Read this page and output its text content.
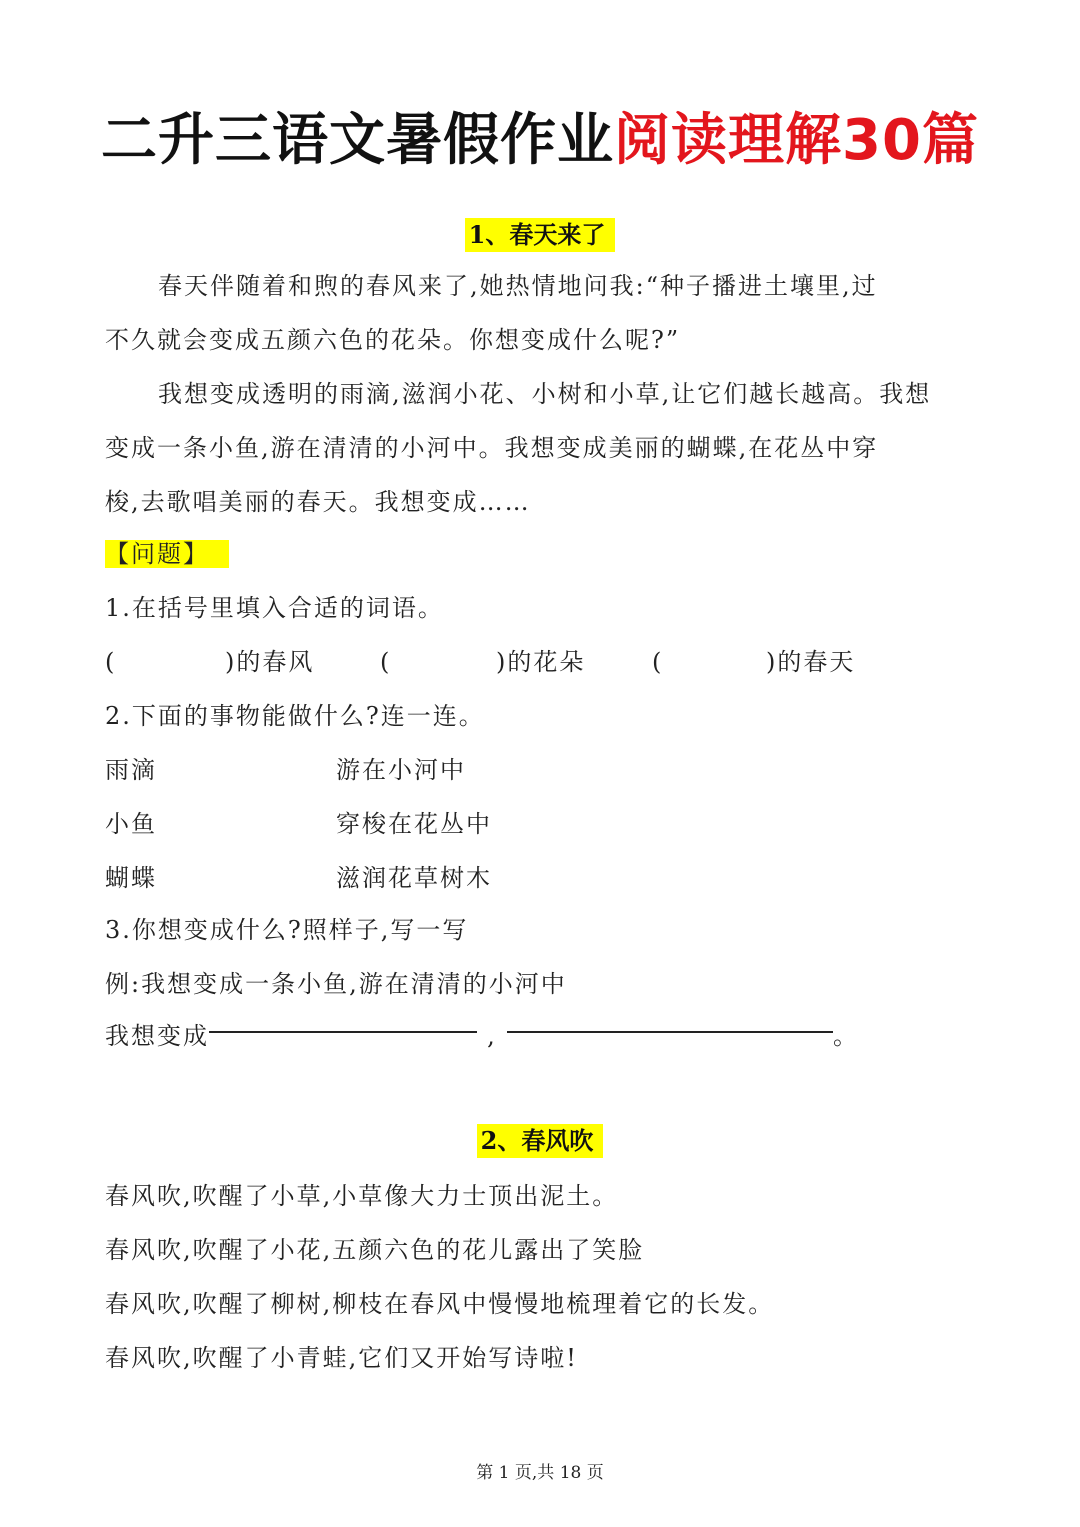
二升三语文暑假作业阅读理解30篇
1、春天来了
春天伴随着和煦的春风来了,她热情地问我:“种子播进土壤里,过
不久就会变成五颜六色的花朵。你想变成什么呢?”
我想变成透明的雨滴,滋润小花、小树和小草,让它们越长越高。我想
变成一条小鱼,游在清清的小河中。我想变成美丽的蝴蝶,在花丛中穿
梭,去歌唱美丽的春天。我想变成……
【问题】
1.在括号里填入合适的词语。
(	)的春风	(	)的花朵	(	)的春天
2.下面的事物能做什么?连一连。
雨滴	游在小河中
小鱼	穿梭在花丛中
蝴蝶	滋润花草树木
3.你想变成什么?照样子,写一写
例:我想变成一条小鱼,游在清清的小河中
我想变成	,	。
2、春风吹
春风吹,吹醒了小草,小草像大力士顶出泥土。
春风吹,吹醒了小花,五颜六色的花儿露出了笑脸
春风吹,吹醒了柳树,柳枝在春风中慢慢地梳理着它的长发。
春风吹,吹醒了小青蛙,它们又开始写诗啦!
第 1 页,共 18 页
